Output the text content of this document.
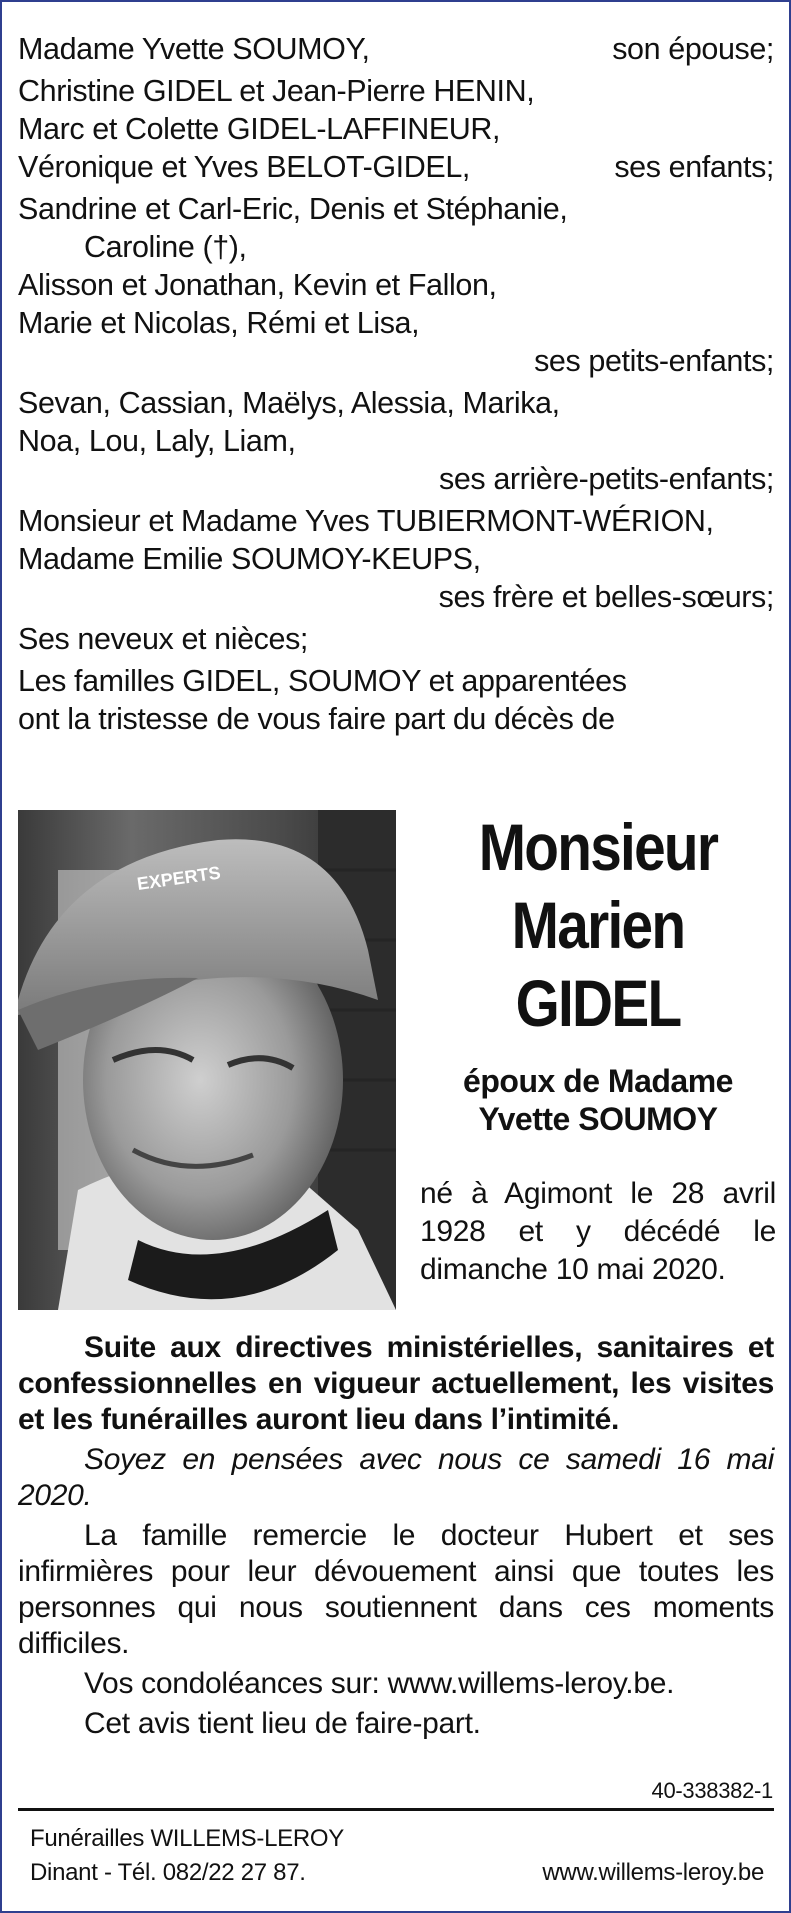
Madame Yvette SOUMOY,	son épouse;
Christine GIDEL et Jean-Pierre HENIN,
Marc et Colette GIDEL-LAFFINEUR,
Véronique et Yves BELOT-GIDEL,	ses enfants;
Sandrine et Carl-Eric, Denis et Stéphanie,
Caroline (†),
Alisson et Jonathan, Kevin et Fallon,
Marie et Nicolas, Rémi et Lisa,
ses petits-enfants;
Sevan, Cassian, Maëlys, Alessia, Marika,
Noa, Lou, Laly, Liam,
ses arrière-petits-enfants;
Monsieur et Madame Yves TUBIERMONT-WÉRION,
Madame Emilie SOUMOY-KEUPS,
ses frère et belles-sœurs;
Ses neveux et nièces;
Les familles GIDEL, SOUMOY et apparentées
ont la tristesse de vous faire part du décès de
EXPERTS	Monsieur
Marien
GIDEL
époux de Madame
Yvette SOUMOY
né à Agimont le 28 avril 1928 et y décédé le dimanche 10 mai 2020.

Suite aux directives ministérielles, sanitaires et confessionnelles en vigueur actuellement, les visites et les funérailles auront lieu dans l’intimité.

Soyez en pensées avec nous ce samedi 16 mai 2020.

La famille remercie le docteur Hubert et ses infirmières pour leur dévouement ainsi que toutes les personnes qui nous soutiennent dans ces moments difficiles.

Vos condoléances sur: www.willems-leroy.be.

Cet avis tient lieu de faire-part.

40-338382-1
Funérailles WILLEMS-LEROY
Dinant - Tél. 082/22 27 87.	www.willems-leroy.be
